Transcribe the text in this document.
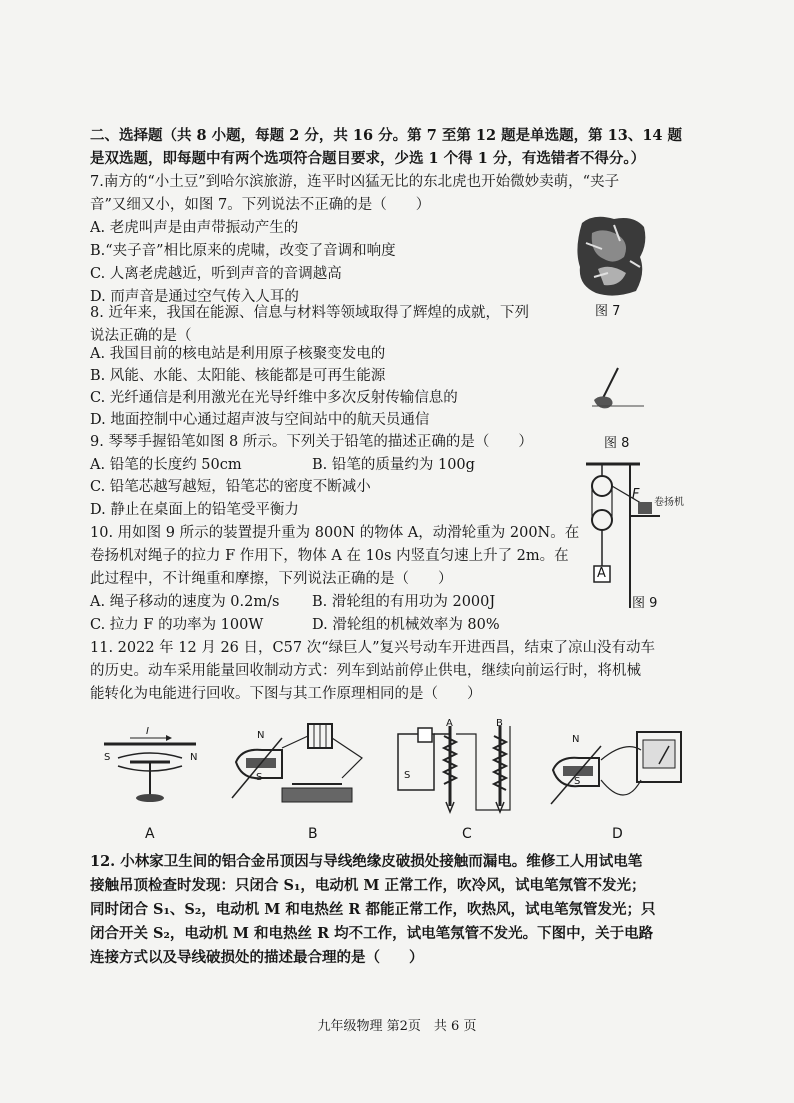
二、选择题（共 8 小题，每题 2 分，共 16 分。第 7 至第 12 题是单选题，第 13、14 题
是双选题，即每题中有两个选项符合题目要求，少选 1 个得 1 分，有选错者不得分。）
7.南方的“小土豆”到哈尔滨旅游，连平时凶猛无比的东北虎也开始微妙卖萌，“夹子
音”又细又小，如图 7。下列说法不正确的是（　　）
A. 老虎叫声是由声带振动产生的
B.“夹子音”相比原来的虎啸，改变了音调和响度
C. 人离老虎越近，听到声音的音调越高
D. 而声音是通过空气传入人耳的
图 7
8. 近年来，我国在能源、信息与材料等领域取得了辉煌的成就，下列
说法正确的是（
A. 我国目前的核电站是利用原子核聚变发电的
B. 风能、水能、太阳能、核能都是可再生能源
C. 光纤通信是利用激光在光导纤维中多次反射传输信息的
D. 地面控制中心通过超声波与空间站中的航天员通信
图 8
9. 琴琴手握铅笔如图 8 所示。下列关于铅笔的描述正确的是（　　）
A. 铅笔的长度约 50cm	B. 铅笔的质量约为 100g
C. 铅笔芯越写越短，铅笔芯的密度不断减小
D. 静止在桌面上的铅笔受平衡力
10. 用如图 9 所示的装置提升重为 800N 的物体 A，动滑轮重为 200N。在
卷扬机对绳子的拉力 F 作用下，物体 A 在 10s 内竖直匀速上升了 2m。在
此过程中，不计绳重和摩擦，下列说法正确的是（　　）
A. 绳子移动的速度为 0.2m/s B. 滑轮组的有用功为 2000J
C. 拉力 F 的功率为 100W	D. 滑轮组的机械效率为 80%
A
F
卷扬机
图 9
11. 2022 年 12 月 26 日，C57 次“绿巨人”复兴号动车开进西昌，结束了凉山没有动车
的历史。动车采用能量回收制动方式：列车到站前停止供电，继续向前运行时，将机械
能转化为电能进行回收。下图与其工作原理相同的是（　　）
S	N
I	N
S
A	B
S
N
S
A	B	C	D
12. 小林家卫生间的铝合金吊顶因与导线绝缘皮破损处接触而漏电。维修工人用试电笔
接触吊顶检查时发现：只闭合 S₁，电动机 M 正常工作，吹冷风，试电笔氖管不发光；
同时闭合 S₁、S₂，电动机 M 和电热丝 R 都能正常工作，吹热风，试电笔氖管发光；只
闭合开关 S₂，电动机 M 和电热丝 R 均不工作，试电笔氖管不发光。下图中，关于电路
连接方式以及导线破损处的描述最合理的是（　　）
九年级物理 第2页　共 6 页
